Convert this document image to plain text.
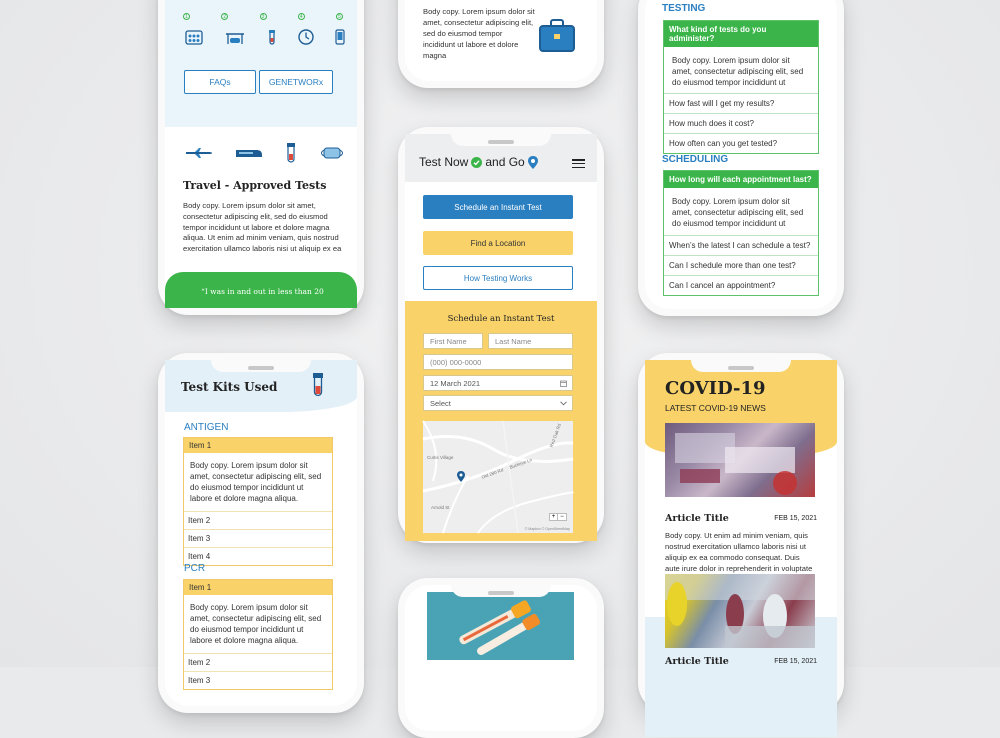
1	2	3	4	5
FAQs	GENETWORx
Travel - Approved Tests
Body copy. Lorem ipsum dolor sit amet, consectetur adipiscing elit, sed do eiusmod tempor incididunt ut labore et dolore magna aliqua. Ut enim ad minim veniam, quis nostrud exercitation ullamco laboris nisi ut aliquip ex ea
“I was in and out in less than 20
Body copy. Lorem ipsum dolor sit amet, consectetur adipiscing elit, sed do eiusmod tempor incididunt ut labore et dolore magna
Test Now and Go
Schedule an Instant Test
Find a Location
How Testing Works
Schedule an Instant Test
First Name	Last Name
(000) 000-0000
12 March 2021
Select
Curtis Village
Old 280 Rd
Buckeye Ln
Red Oak Rd
Arnold St
+ −
© Mapbox © OpenStreetMap
TESTING
What kind of tests do you administer?
Body copy. Lorem ipsum dolor sit amet, consectetur adipiscing elit, sed do eiusmod tempor incididunt ut
How fast will I get my results?
How much does it cost?
How often can you get tested?
SCHEDULING
How long will each appointment last?
Body copy. Lorem ipsum dolor sit amet, consectetur adipiscing elit, sed do eiusmod tempor incididunt ut
When’s the latest I can schedule a test?
Can I schedule more than one test?
Can I cancel an appointment?
Test Kits Used
ANTIGEN
Item 1
Body copy. Lorem ipsum dolor sit amet, consectetur adipiscing elit, sed do eiusmod tempor incididunt ut labore et dolore magna aliqua.
Item 2
Item 3
Item 4
PCR
Item 1
Body copy. Lorem ipsum dolor sit amet, consectetur adipiscing elit, sed do eiusmod tempor incididunt ut labore et dolore magna aliqua.
Item 2
Item 3
COVID-19
LATEST COVID-19 NEWS
Article Title	FEB 15, 2021
Body copy. Ut enim ad minim veniam, quis nostrud exercitation ullamco laboris nisi ut aliquip ex ea commodo consequat. Duis aute irure dolor in reprehenderit in voluptate
Article Title	FEB 15, 2021
